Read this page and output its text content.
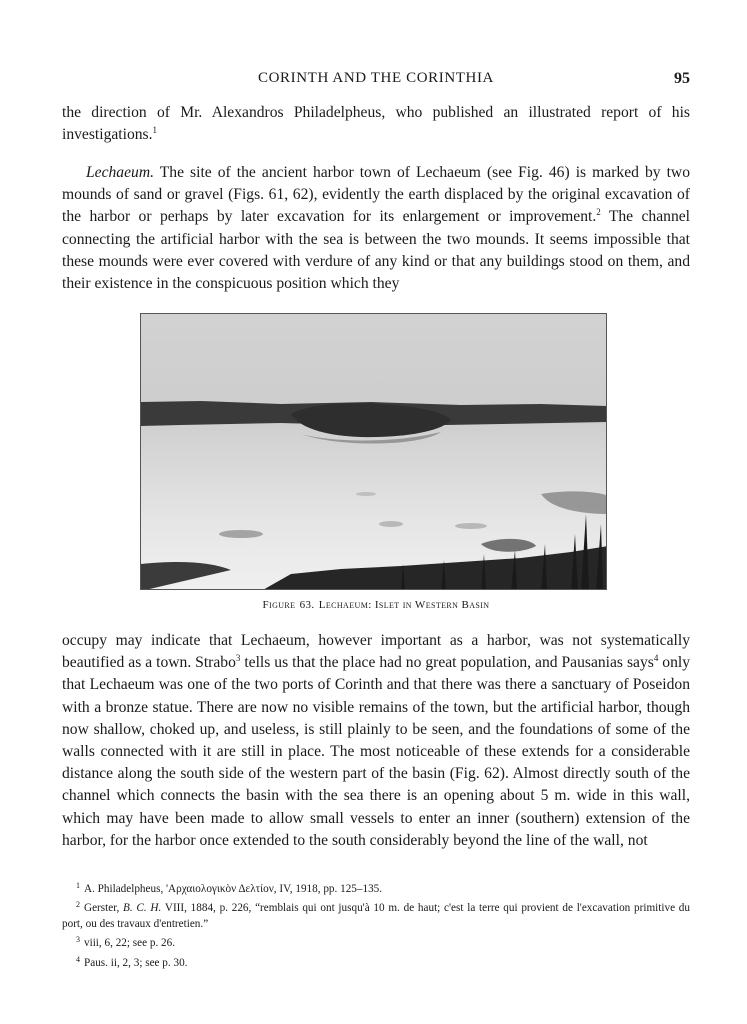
CORINTH AND THE CORINTHIA	95

the direction of Mr. Alexandros Philadelpheus, who published an illustrated report of his investigations.$^1$

Lechaeum. The site of the ancient harbor town of Lechaeum (see Fig. 46) is marked by two mounds of sand or gravel (Figs. 61, 62), evidently the earth displaced by the original excavation of the harbor or perhaps by later excavation for its enlargement or improvement.$^2$ The channel connecting the artificial harbor with the sea is between the two mounds. It seems impossible that these mounds were ever covered with verdure of any kind or that any buildings stood on them, and their existence in the conspicuous position which they

Figure 63. Lechaeum: Islet in Western Basin

occupy may indicate that Lechaeum, however important as a harbor, was not systematically beautified as a town. Strabo$^3$ tells us that the place had no great population, and Pausanias says$^4$ only that Lechaeum was one of the two ports of Corinth and that there was there a sanctuary of Poseidon with a bronze statue. There are now no visible remains of the town, but the artificial harbor, though now shallow, choked up, and useless, is still plainly to be seen, and the foundations of some of the walls connected with it are still in place. The most noticeable of these extends for a considerable distance along the south side of the western part of the basin (Fig. 62). Almost directly south of the channel which connects the basin with the sea there is an opening about 5 m. wide in this wall, which may have been made to allow small vessels to enter an inner (southern) extension of the harbor, for the harbor once extended to the south considerably beyond the line of the wall, not

$^1$ A. Philadelpheus, 'Αρχαιολογικὸν Δελτίον, IV, 1918, pp. 125–135.

$^2$ Gerster, B. C. H. VIII, 1884, p. 226, “remblais qui ont jusqu'à 10 m. de haut; c'est la terre qui provient de l'excavation primitive du port, ou des travaux d'entretien.”

$^3$ viii, 6, 22; see p. 26.

$^4$ Paus. ii, 2, 3; see p. 30.
